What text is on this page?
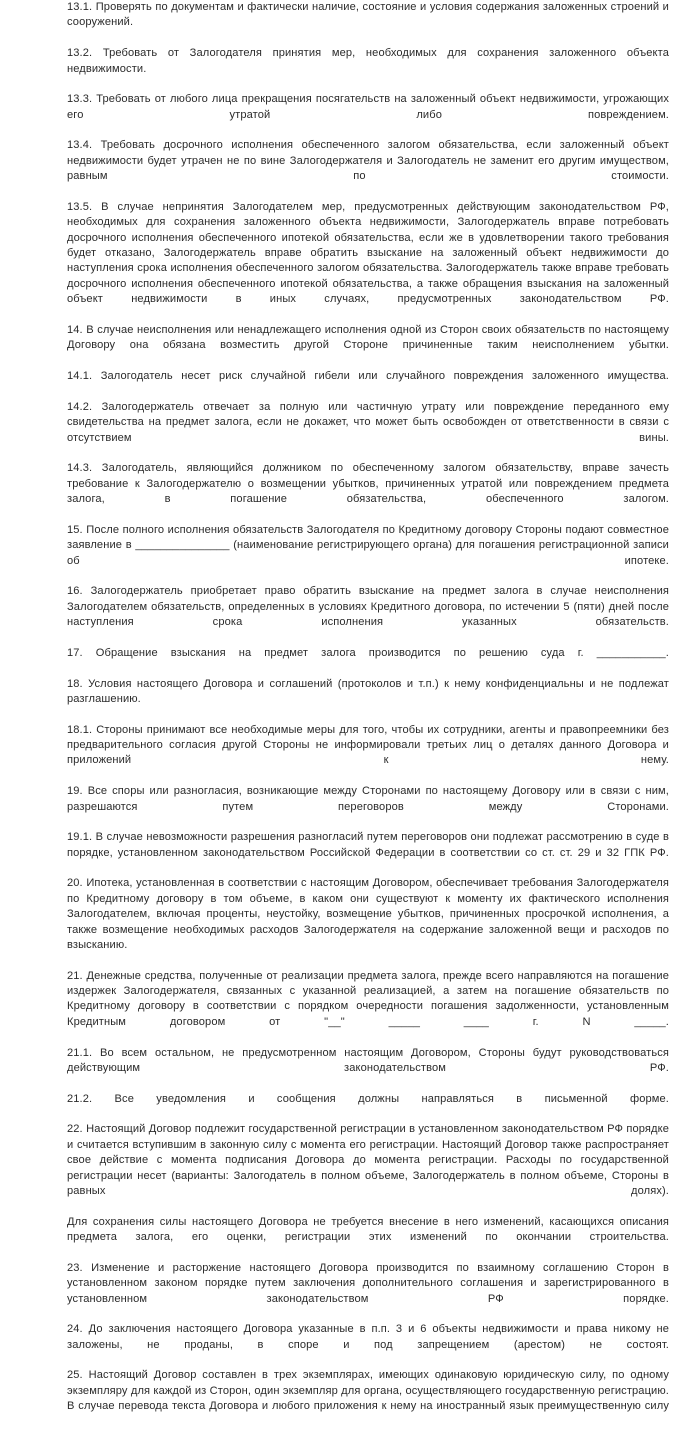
13.1. Проверять по документам и фактически наличие, состояние и условия содержания заложенных строений и сооружений.

13.2. Требовать от Залогодателя принятия мер, необходимых для сохранения заложенного объекта недвижимости.

13.3. Требовать от любого лица прекращения посягательств на заложенный объект недвижимости, угрожающих его утратой либо повреждением.

13.4. Требовать досрочного исполнения обеспеченного залогом обязательства, если заложенный объект недвижимости будет утрачен не по вине Залогодержателя и Залогодатель не заменит его другим имуществом, равным по стоимости.

13.5. В случае непринятия Залогодателем мер, предусмотренных действующим законодательством РФ, необходимых для сохранения заложенного объекта недвижимости, Залогодержатель вправе потребовать досрочного исполнения обеспеченного ипотекой обязательства, если же в удовлетворении такого требования будет отказано, Залогодержатель вправе обратить взыскание на заложенный объект недвижимости до наступления срока исполнения обеспеченного залогом обязательства. Залогодержатель также вправе требовать досрочного исполнения обеспеченного ипотекой обязательства, а также обращения взыскания на заложенный объект недвижимости в иных случаях, предусмотренных законодательством РФ.

14. В случае неисполнения или ненадлежащего исполнения одной из Сторон своих обязательств по настоящему Договору она обязана возместить другой Стороне причиненные таким неисполнением убытки.

14.1. Залогодатель несет риск случайной гибели или случайного повреждения заложенного имущества.

14.2. Залогодержатель отвечает за полную или частичную утрату или повреждение переданного ему свидетельства на предмет залога, если не докажет, что может быть освобожден от ответственности в связи с отсутствием вины.

14.3. Залогодатель, являющийся должником по обеспеченному залогом обязательству, вправе зачесть требование к Залогодержателю о возмещении убытков, причиненных утратой или повреждением предмета залога, в погашение обязательства, обеспеченного залогом.

15. После полного исполнения обязательств Залогодателя по Кредитному договору Стороны подают совместное заявление в _______________ (наименование регистрирующего органа) для погашения регистрационной записи об ипотеке.

16. Залогодержатель приобретает право обратить взыскание на предмет залога в случае неисполнения Залогодателем обязательств, определенных в условиях Кредитного договора, по истечении 5 (пяти) дней после наступления срока исполнения указанных обязательств.

17. Обращение взыскания на предмет залога производится по решению суда г. ___________.

18. Условия настоящего Договора и соглашений (протоколов и т.п.) к нему конфиденциальны и не подлежат разглашению.

18.1. Стороны принимают все необходимые меры для того, чтобы их сотрудники, агенты и правопреемники без предварительного согласия другой Стороны не информировали третьих лиц о деталях данного Договора и приложений к нему.

19. Все споры или разногласия, возникающие между Сторонами по настоящему Договору или в связи с ним, разрешаются путем переговоров между Сторонами.

19.1. В случае невозможности разрешения разногласий путем переговоров они подлежат рассмотрению в суде в порядке, установленном законодательством Российской Федерации в соответствии со ст. ст. 29 и 32 ГПК РФ.

20. Ипотека, установленная в соответствии с настоящим Договором, обеспечивает требования Залогодержателя по Кредитному договору в том объеме, в каком они существуют к моменту их фактического исполнения Залогодателем, включая проценты, неустойку, возмещение убытков, причиненных просрочкой исполнения, а также возмещение необходимых расходов Залогодержателя на содержание заложенной вещи и расходов по взысканию.

21. Денежные средства, полученные от реализации предмета залога, прежде всего направляются на погашение издержек Залогодержателя, связанных с указанной реализацией, а затем на погашение обязательств по Кредитному договору в соответствии с порядком очередности погашения задолженности, установленным Кредитным договором от "__" _____ ____ г. N _____.

21.1. Во всем остальном, не предусмотренном настоящим Договором, Стороны будут руководствоваться действующим законодательством РФ.

21.2. Все уведомления и сообщения должны направляться в письменной форме.

22. Настоящий Договор подлежит государственной регистрации в установленном законодательством РФ порядке и считается вступившим в законную силу с момента его регистрации. Настоящий Договор также распространяет свое действие с момента подписания Договора до момента регистрации. Расходы по государственной регистрации несет (варианты: Залогодатель в полном объеме, Залогодержатель в полном объеме, Стороны в равных долях).

Для сохранения силы настоящего Договора не требуется внесение в него изменений, касающихся описания предмета залога, его оценки, регистрации этих изменений по окончании строительства.

23. Изменение и расторжение настоящего Договора производится по взаимному соглашению Сторон в установленном законом порядке путем заключения дополнительного соглашения и зарегистрированного в установленном законодательством РФ порядке.

24. До заключения настоящего Договора указанные в п.п. 3 и 6 объекты недвижимости и права никому не заложены, не проданы, в споре и под запрещением (арестом) не состоят.

25. Настоящий Договор составлен в трех экземплярах, имеющих одинаковую юридическую силу, по одному экземпляру для каждой из Сторон, один экземпляр для органа, осуществляющего государственную регистрацию. В случае перевода текста Договора и любого приложения к нему на иностранный язык преимущественную силу
